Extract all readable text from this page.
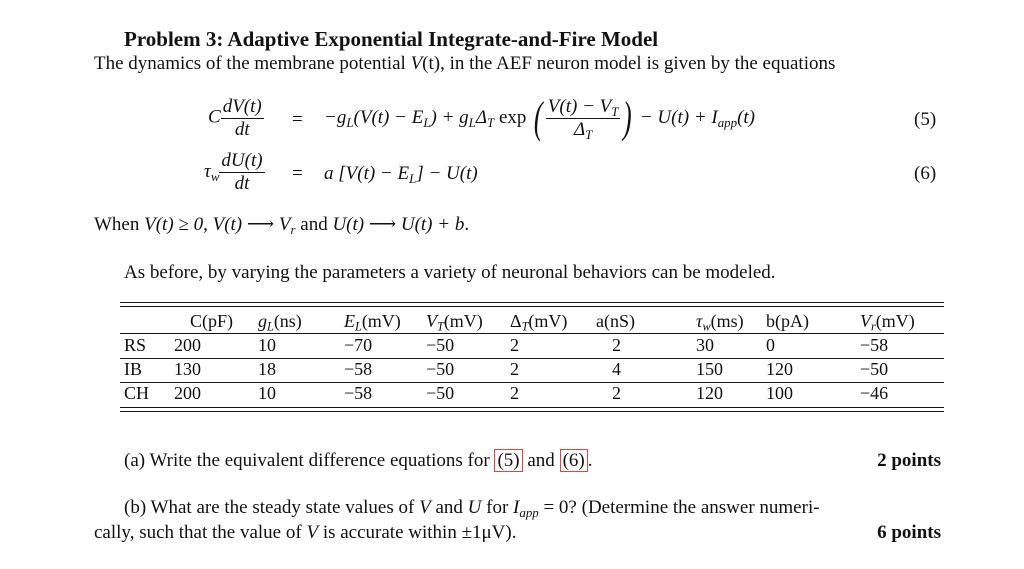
Problem 3: Adaptive Exponential Integrate-and-Fire Model
The dynamics of the membrane potential V(t), in the AEF neuron model is given by the equations
C $\frac{dV(t)}{dt} = -g_L(V(t) - E_L) + g_L\Delta_T$ exp ( $\frac{V(t) - V_T}{\Delta_T}$ ) − $U(t) + I_{app}(t)$	(5)
$\tau_w \frac{dU(t)}{dt} = a$ $[V(t) - E_L] - U(t)$	(6)
When V(t) ≥ 0, V(t) ⟶ $V_r$ and U(t) ⟶ U(t) + b.
As before, by varying the parameters a variety of neuronal behaviors can be modeled.
	C(pF)	$g_L(ns)$	$E_L(mV)$	$V_T(mV)$	$\Delta_T(mV)$	a(nS)	$\tau_w(ms)$	b(pA)	$V_r(mV)$
RS	200	10	−70	−50	2	2	30	0	−58
IB	130	18	−58	−50	2	4	150	120	−50
CH	200	10	−58	−50	2	2	120	100	−46
(a) Write the equivalent difference equations for (5) and (6) .	2 points
(b) What are the steady state values of V and U for $I_{app} = 0$? (Determine the answer numeri-
cally, such that the value of V is accurate within ±1μV).	6 points
